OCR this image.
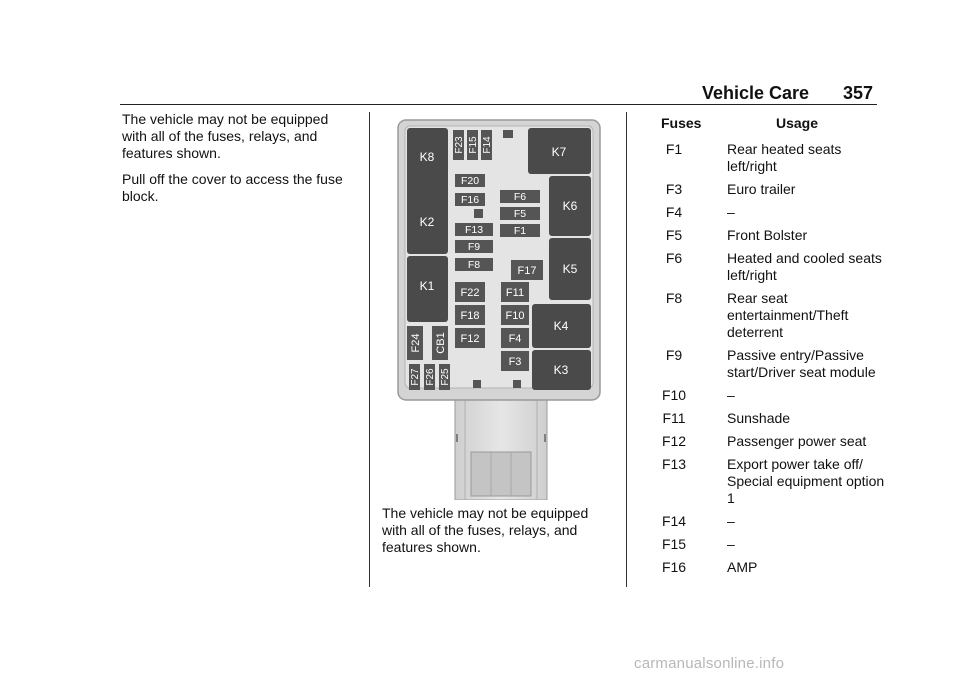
Vehicle Care 357

The vehicle may not be equipped with all of the fuses, relays, and features shown.

Pull off the cover to access the fuse block.

K8
K2
K1
F23 F15 F14
F20
F16
F13
F9
F8
F6
F5
F1
F17
F22
F18
F12
F11
F10
F4
F3
F24 CB1
F27 F26 F25
K7
K6
K5
K4
K3

The vehicle may not be equipped with all of the fuses, relays, and features shown.

Fuses	Usage
F1	Rear heated seats left/right
F3	Euro trailer
F4	–
F5	Front Bolster
F6	Heated and cooled seats left/right
F8	Rear seat entertainment/Theft deterrent
F9	Passive entry/Passive start/Driver seat module
F10	–
F11	Sunshade
F12	Passenger power seat
F13	Export power take off/ Special equipment option 1
F14	–
F15	–
F16	AMP
carmanualsonline.info
